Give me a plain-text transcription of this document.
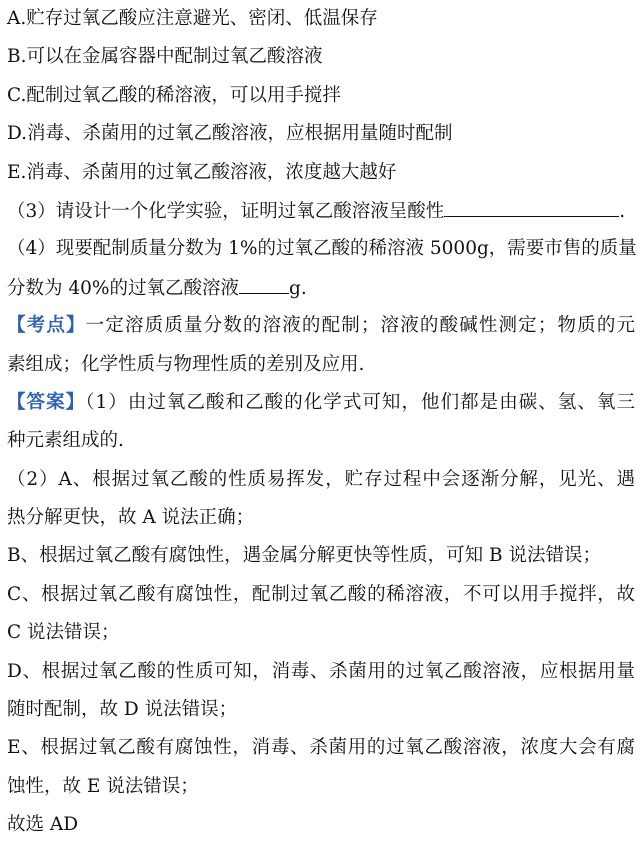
A.贮存过氧乙酸应注意避光、密闭、低温保存
B.可以在金属容器中配制过氧乙酸溶液
C.配制过氧乙酸的稀溶液，可以用手搅拌
D.消毒、杀菌用的过氧乙酸溶液，应根据用量随时配制
E.消毒、杀菌用的过氧乙酸溶液，浓度越大越好
（3）请设计一个化学实验，证明过氧乙酸溶液呈酸性	.
（4）现要配制质量分数为 1%的过氧乙酸的稀溶液 5000g，需要市售的质量
分数为 40%的过氧乙酸溶液	g.
【考点】一定溶质质量分数的溶液的配制；溶液的酸碱性测定；物质的元
素组成；化学性质与物理性质的差别及应用.
【答案】（1）由过氧乙酸和乙酸的化学式可知，他们都是由碳、氢、氧三
种元素组成的.
（2）A、根据过氧乙酸的性质易挥发，贮存过程中会逐渐分解，见光、遇
热分解更快，故 A 说法正确；
B、根据过氧乙酸有腐蚀性，遇金属分解更快等性质，可知 B 说法错误；
C、根据过氧乙酸有腐蚀性，配制过氧乙酸的稀溶液，不可以用手搅拌，故
C 说法错误；
D、根据过氧乙酸的性质可知，消毒、杀菌用的过氧乙酸溶液，应根据用量
随时配制，故 D 说法错误；
E、根据过氧乙酸有腐蚀性，消毒、杀菌用的过氧乙酸溶液，浓度大会有腐
蚀性，故 E 说法错误；
故选 AD
